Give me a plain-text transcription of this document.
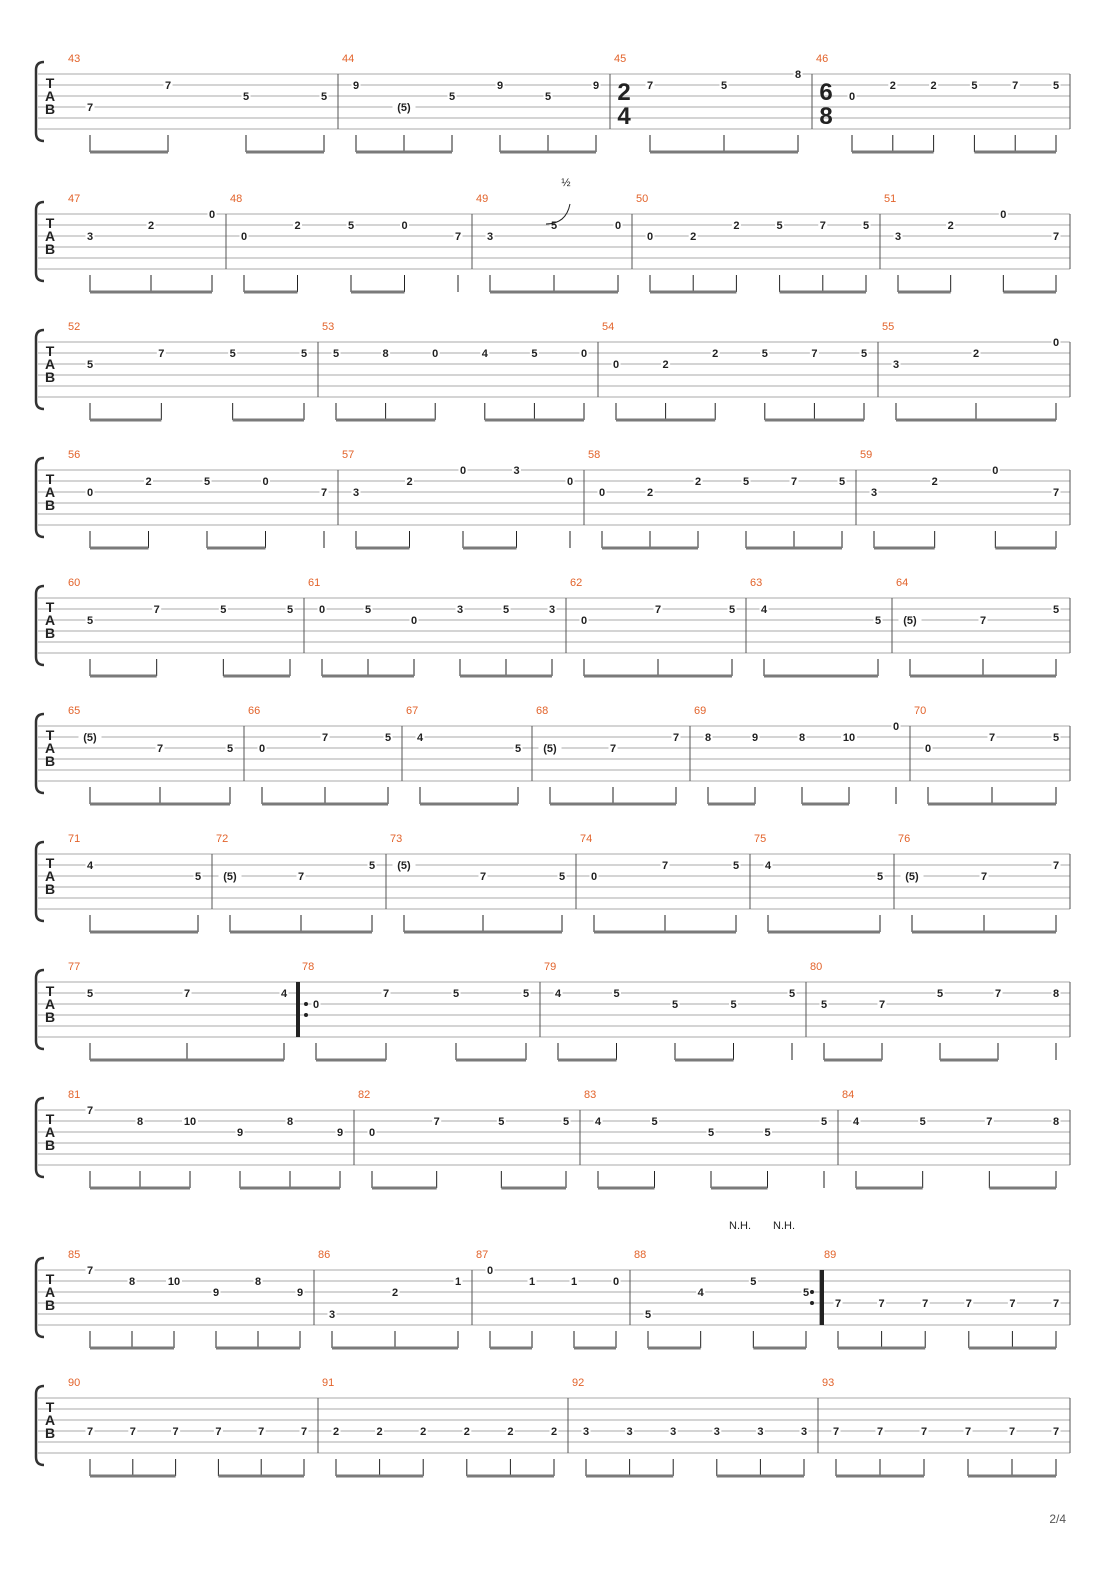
T
A
B
43
7
7
5	5
44
9
(5)
5
9
5
9
45
2
4
7	5
8
46
6
8
0
2	2	5	7	5
T
A
B
47
3
2
0
48
0
2	5	0
7
49
3
5	0
50
0	2
2	5	7	5
51
3
2
0
7
T
A
B
52
5
7	5	5
53
5	8	0	4	5	0
54
0	2
2	5	7	5
55
3
2
0
T
A
B
56
0
2	5	0
7
57
3
2
0	3
0
58
0	2
2	5	7	5
59
3
2
0
7
T
A
B
60
5
7	5	5
61
0	5
0
3	5	3
62
0
7	5
63
4
5
64
(5)	7
5
T
A
B
65
(5)
7	5
66
0
7	5
67
4
5
68
(5)	7
7
69
8	9	8	10
0
70
0
7	5
T
A
B
71
4
5
72
(5)	7
5
73
(5)
7	5
74
0
7	5
75
4
5
76
(5)	7
7
T
A
B
77
5	7	4
78
0
7	5	5
79
4	5
5	5
5
80
5	7
5	7	8
T
A
B
81
7
8	10
9
8
9
82
0
7	5	5
83
4	5
5	5
5
84
4	5	7	8
T
A
B
85
7
8	10
9
8
9
86
3
2
1
87
0
1	1	0
88
5
4
5
5
89
7	7	7	7	7	7
T
A
B
90
7	7	7	7	7	7
91
2	2	2	2	2	2
92
3	3	3	3	3	3
93
7	7	7	7	7	7
½
N.H. N.H.
2/4
